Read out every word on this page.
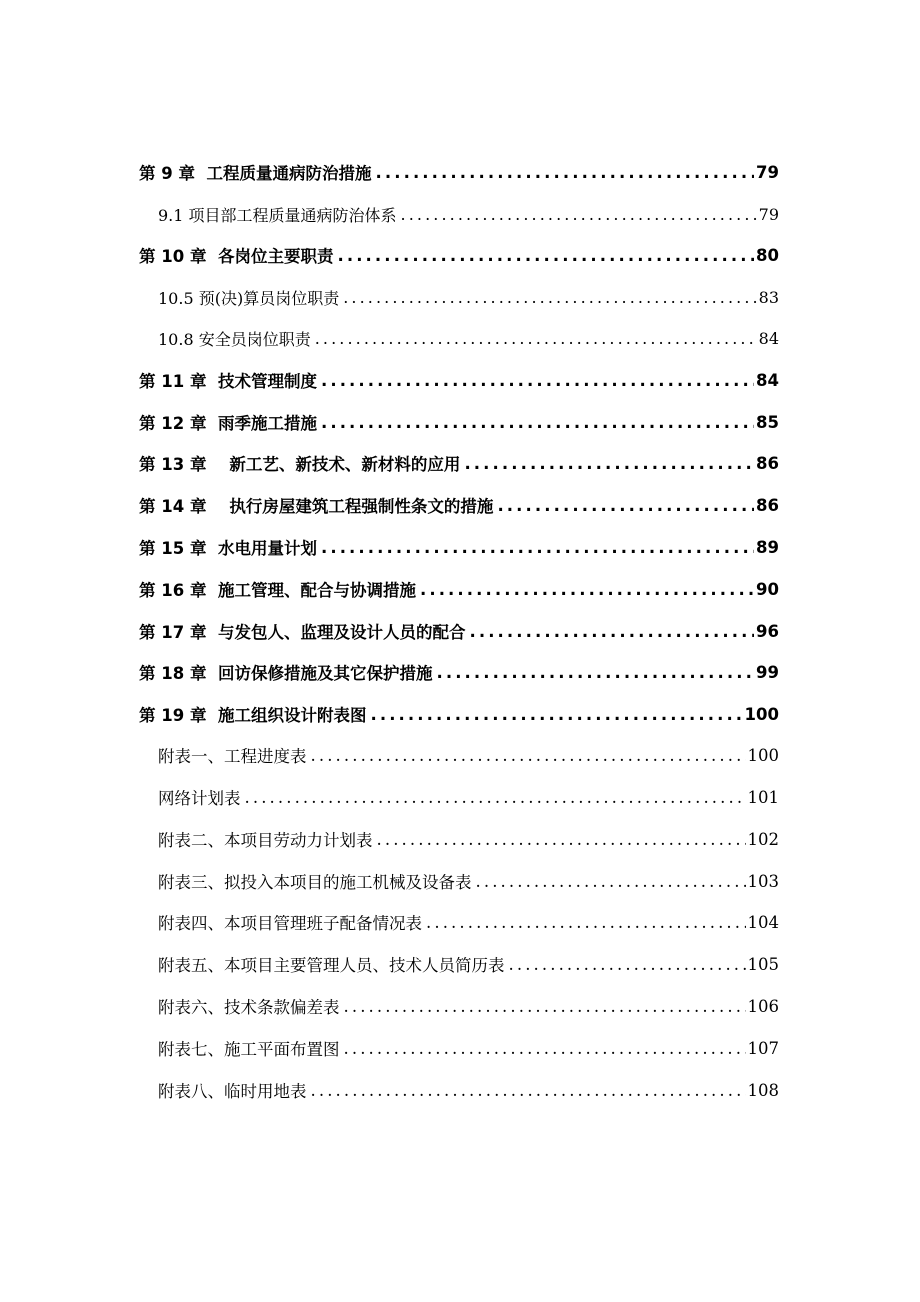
第 9 章  工程质量通病防治措施 .....	79
9.1 项目部工程质量通病防治体系 .....	79
第 10 章  各岗位主要职责 .....	80
10.5 预(决)算员岗位职责 .....	83
10.8 安全员岗位职责 .....	84
第 11 章  技术管理制度 .....	84
第 12 章  雨季施工措施 .....	85
第 13 章    新工艺、新技术、新材料的应用 .....	86
第 14 章    执行房屋建筑工程强制性条文的措施 .....	86
第 15 章  水电用量计划 .....	89
第 16 章  施工管理、配合与协调措施 .....	90
第 17 章  与发包人、监理及设计人员的配合 .....	96
第 18 章  回访保修措施及其它保护措施 .....	99
第 19 章  施工组织设计附表图 .....	100
附表一、工程进度表 .....	100
网络计划表 .....	101
附表二、本项目劳动力计划表 .....	102
附表三、拟投入本项目的施工机械及设备表 .....	103
附表四、本项目管理班子配备情况表 .....	104
附表五、本项目主要管理人员、技术人员简历表 .....	105
附表六、技术条款偏差表 .....	106
附表七、施工平面布置图 .....	107
附表八、临时用地表 .....	108
